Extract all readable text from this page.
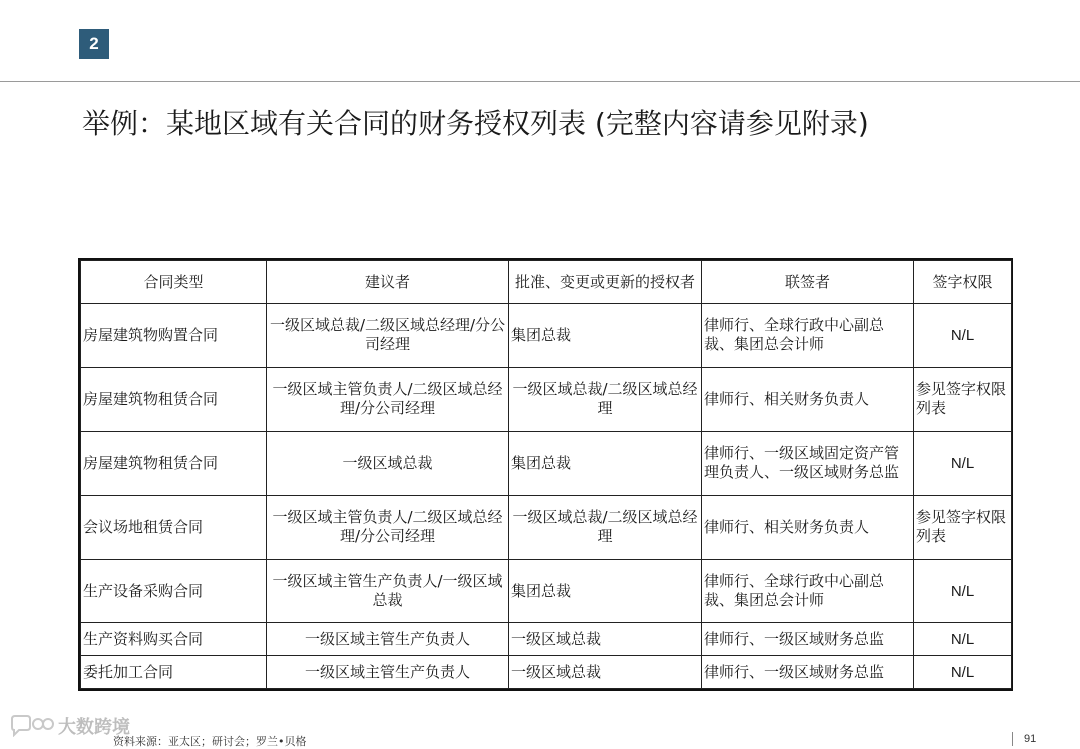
2
举例：某地区域有关合同的财务授权列表 (完整内容请参见附录)
合同类型	建议者	批准、变更或更新的授权者	联签者	签字权限
房屋建筑物购置合同	一级区域总裁/二级区域总经理/分公司经理	集团总裁	律师行、全球行政中心副总裁、集团总会计师	N/L
房屋建筑物租赁合同	一级区域主管负责人/二级区域总经理/分公司经理	一级区域总裁/二级区域总经理	律师行、相关财务负责人	参见签字权限列表
房屋建筑物租赁合同	一级区域总裁	集团总裁	律师行、一级区域固定资产管理负责人、一级区域财务总监	N/L
会议场地租赁合同	一级区域主管负责人/二级区域总经理/分公司经理	一级区域总裁/二级区域总经理	律师行、相关财务负责人	参见签字权限列表
生产设备采购合同	一级区域主管生产负责人/一级区域总裁	集团总裁	律师行、全球行政中心副总裁、集团总会计师	N/L
生产资料购买合同	一级区域主管生产负责人	一级区域总裁	律师行、一级区域财务总监	N/L
委托加工合同	一级区域主管生产负责人	一级区域总裁	律师行、一级区域财务总监	N/L
大数跨境
资料来源：亚太区；研讨会；罗兰•贝格	91
